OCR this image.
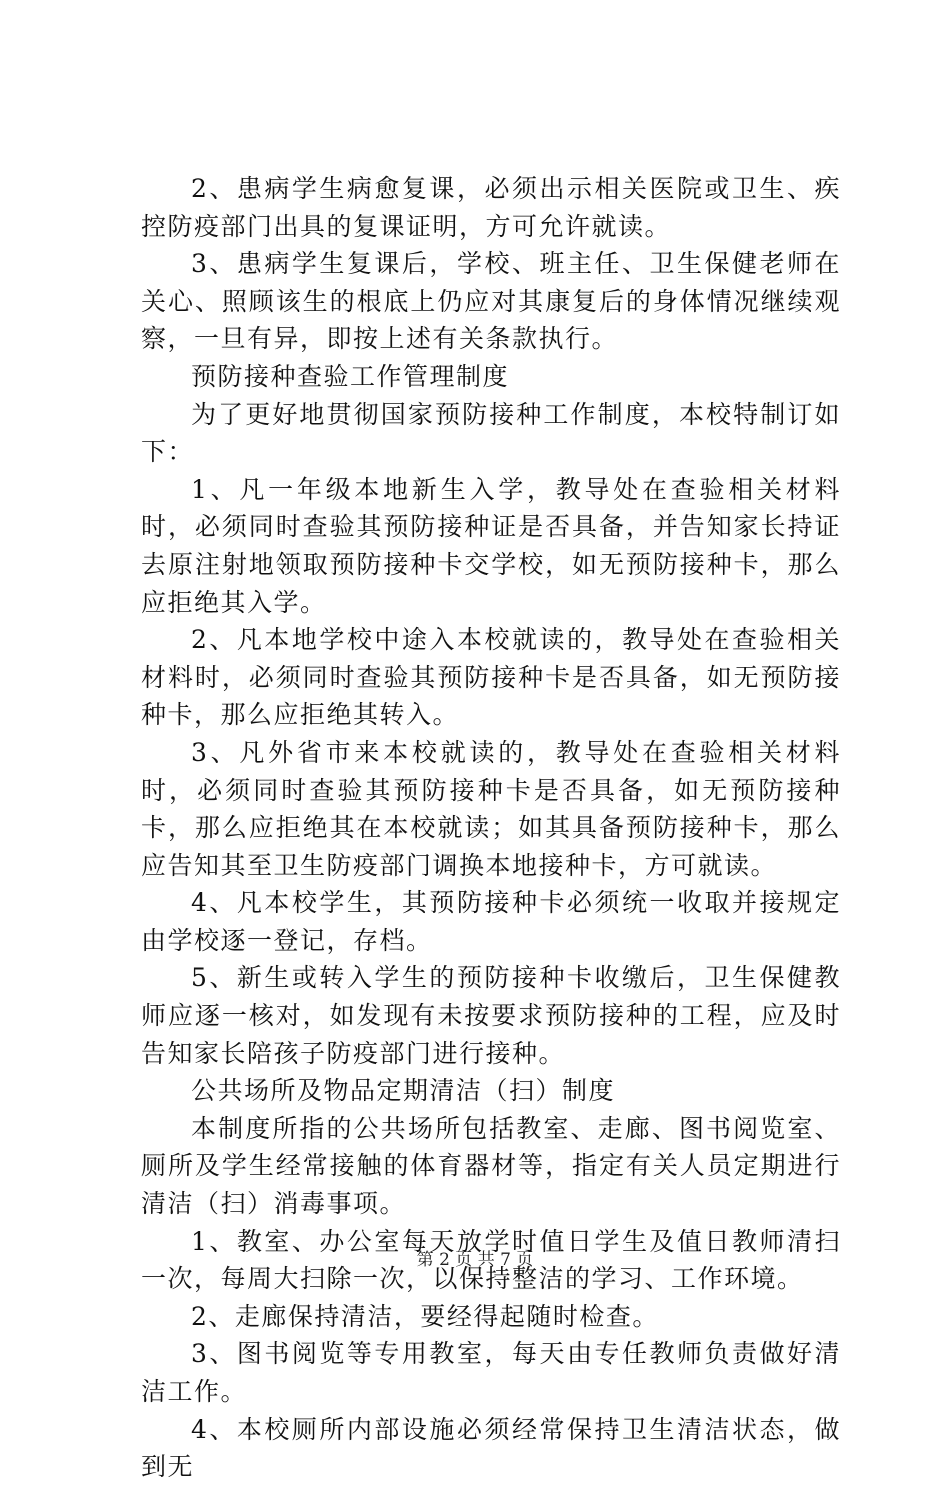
2、患病学生病愈复课，必须出示相关医院或卫生、疾控防疫部门出具的复课证明，方可允许就读。

3、患病学生复课后，学校、班主任、卫生保健老师在关心、照顾该生的根底上仍应对其康复后的身体情况继续观察，一旦有异，即按上述有关条款执行。

预防接种查验工作管理制度

为了更好地贯彻国家预防接种工作制度，本校特制订如下：

1、凡一年级本地新生入学，教导处在查验相关材料时，必须同时查验其预防接种证是否具备，并告知家长持证去原注射地领取预防接种卡交学校，如无预防接种卡，那么应拒绝其入学。

2、凡本地学校中途入本校就读的，教导处在查验相关材料时，必须同时查验其预防接种卡是否具备，如无预防接种卡，那么应拒绝其转入。

3、凡外省市来本校就读的，教导处在查验相关材料时，必须同时查验其预防接种卡是否具备，如无预防接种卡，那么应拒绝其在本校就读；如其具备预防接种卡，那么应告知其至卫生防疫部门调换本地接种卡，方可就读。

4、凡本校学生，其预防接种卡必须统一收取并接规定由学校逐一登记，存档。

5、新生或转入学生的预防接种卡收缴后，卫生保健教师应逐一核对，如发现有未按要求预防接种的工程，应及时告知家长陪孩子防疫部门进行接种。

公共场所及物品定期清洁（扫）制度

本制度所指的公共场所包括教室、走廊、图书阅览室、厕所及学生经常接触的体育器材等，指定有关人员定期进行清洁（扫）消毒事项。

1、教室、办公室每天放学时值日学生及值日教师清扫一次，每周大扫除一次，以保持整洁的学习、工作环境。

2、走廊保持清洁，要经得起随时检查。

3、图书阅览等专用教室，每天由专任教师负责做好清洁工作。

4、本校厕所内部设施必须经常保持卫生清洁状态，做到无

第 2 页 共 7 页
